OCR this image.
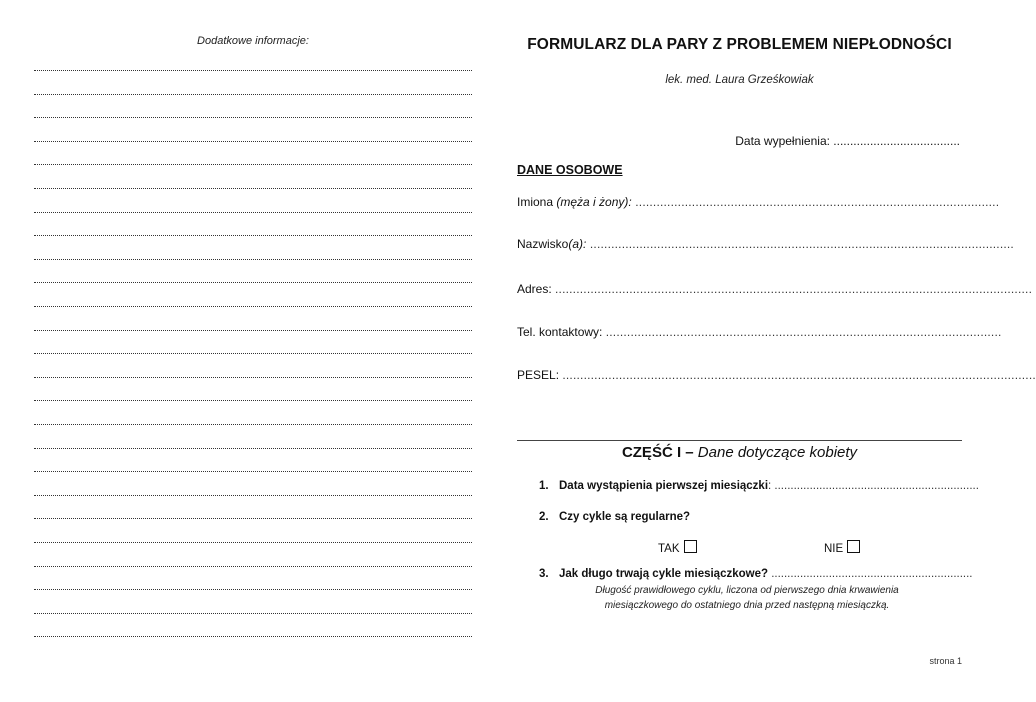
Dodatkowe informacje:	FORMULARZ DLA PARY Z PROBLEMEM NIEPŁODNOŚCI
lek. med. Laura Grześkowiak
Data wypełnienia: ......................................
DANE OSOBOWE
Imiona (męża i żony): .......................................................................................................
Nazwisko(a): ........................................................................................................................
Adres: .......................................................................................................................................
Tel. kontaktowy: ................................................................................................................
PESEL: ......................................................................................................................................
CZĘŚĆ I – Dane dotyczące kobiety
1. Data wystąpienia pierwszej miesiączki: ................................................................
2. Czy cykle są regularne?
TAK	NIE
3. Jak długo trwają cykle miesiączkowe? ...............................................................
Długość prawidłowego cyklu, liczona od pierwszego dnia krwawienia
miesiączkowego do ostatniego dnia przed następną miesiączką.
strona 1
